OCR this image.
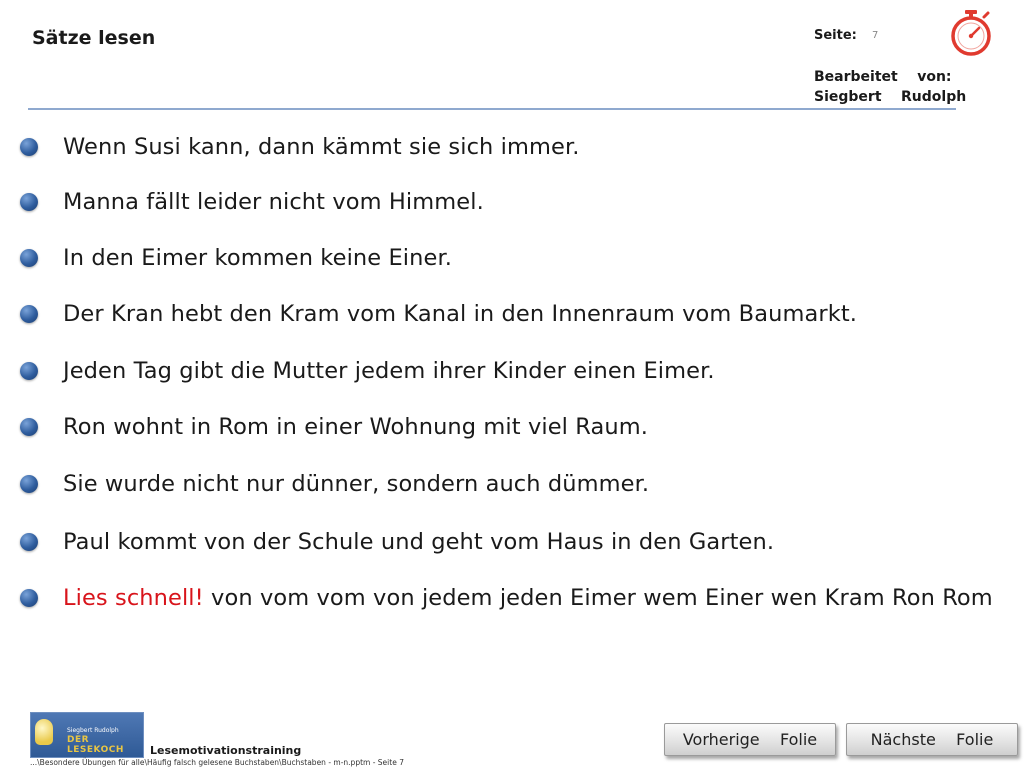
Sätze lesen	Seite: 7
Bearbeitet    von:
Siegbert    Rudolph
Wenn Susi kann, dann kämmt sie sich immer.
Manna fällt leider nicht vom Himmel.
In den Eimer kommen keine Einer.
Der Kran hebt den Kram vom Kanal in den Innenraum vom Baumarkt.
Jeden Tag gibt die Mutter jedem ihrer Kinder einen Eimer.
Ron wohnt in Rom in einer Wohnung mit viel Raum.
Sie wurde nicht nur dünner, sondern auch dümmer.
Paul kommt von der Schule und geht vom Haus in den Garten.
Lies schnell! von vom vom von jedem jeden Eimer wem Einer wen Kram Ron Rom
Siegbert Rudolph
DER LESEKOCH	Lesemotivationstraining
...\Besondere Übungen für alle\Häufig falsch gelesene Buchstaben\Buchstaben - m-n.pptm - Seite 7
Vorherige    Folie	Nächste    Folie
